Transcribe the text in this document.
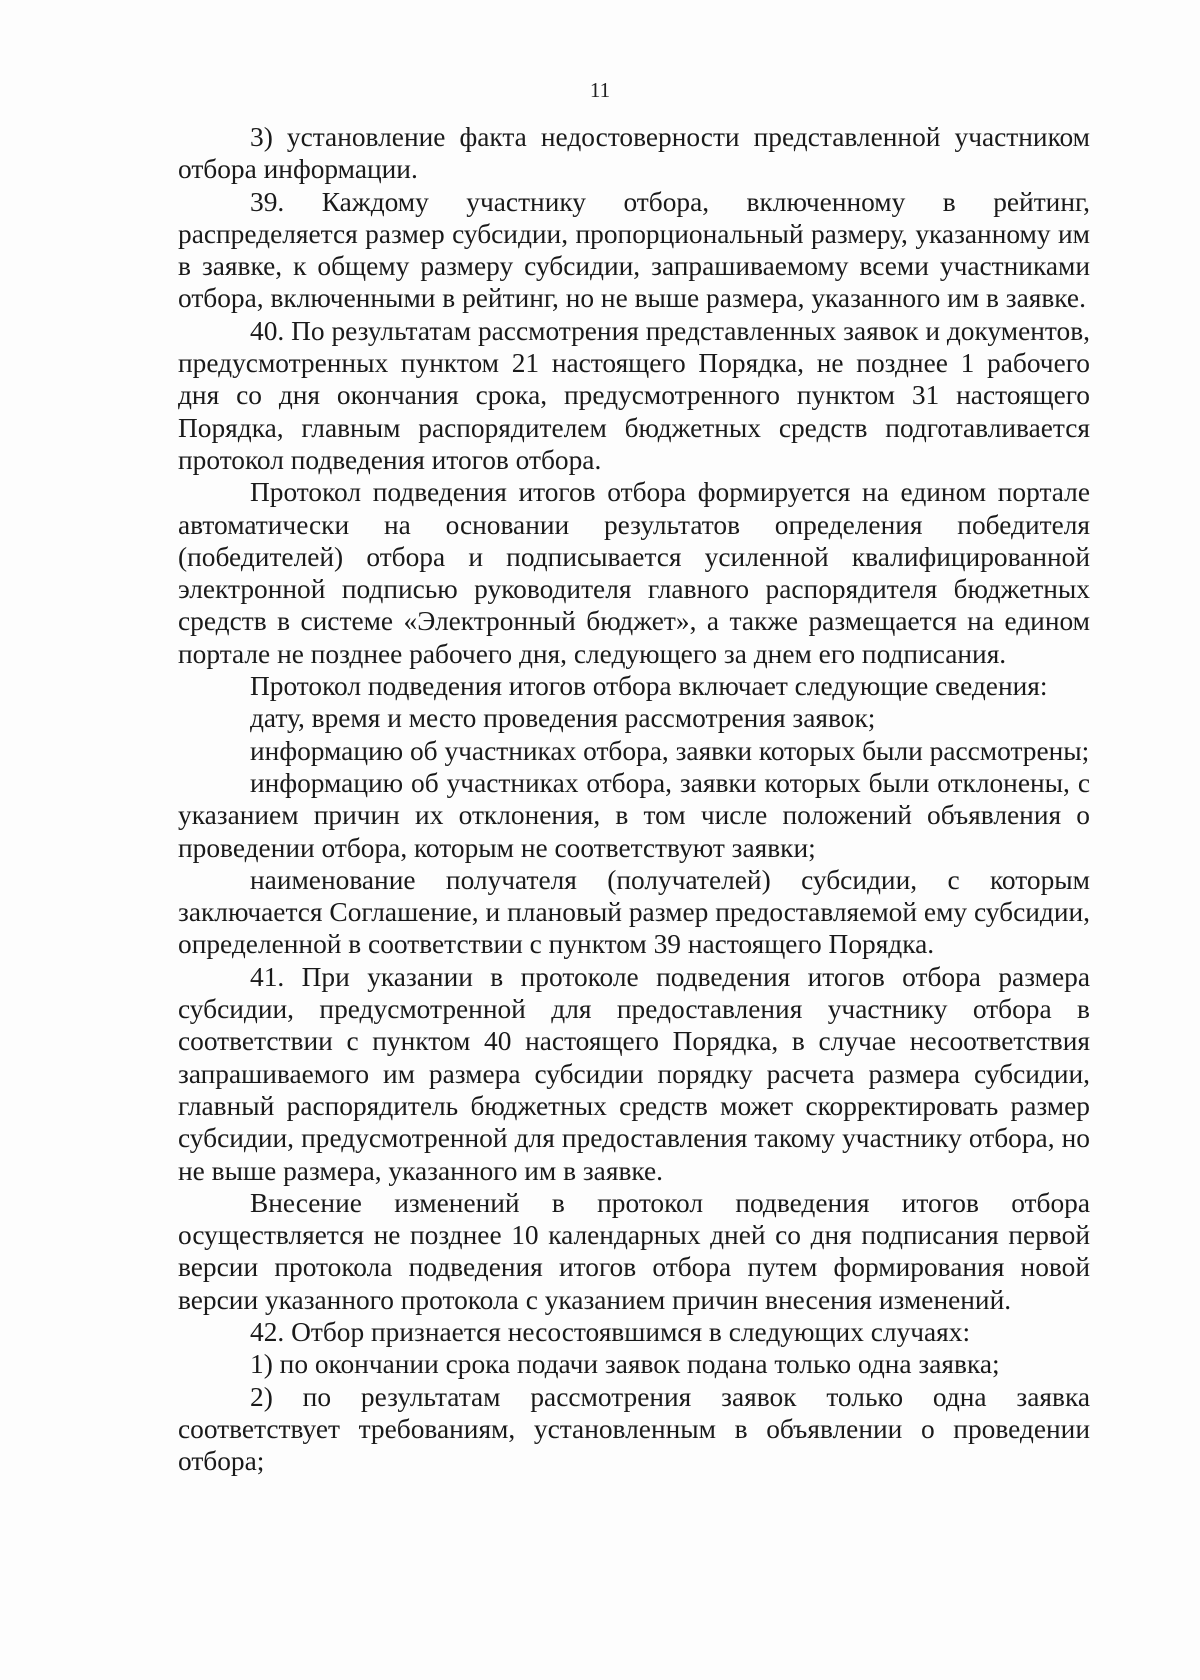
11

3) установление факта недостоверности представленной участником отбора информации.

39. Каждому участнику отбора, включенному в рейтинг, распределяется размер субсидии, пропорциональный размеру, указанному им в заявке, к общему размеру субсидии, запрашиваемому всеми участниками отбора, включенными в рейтинг, но не выше размера, указанного им в заявке.

40. По результатам рассмотрения представленных заявок и документов, предусмотренных пунктом 21 настоящего Порядка, не позднее 1 рабочего дня со дня окончания срока, предусмотренного пунктом 31 настоящего Порядка, главным распорядителем бюджетных средств подготавливается протокол подведения итогов отбора.

Протокол подведения итогов отбора формируется на едином портале автоматически на основании результатов определения победителя (победителей) отбора и подписывается усиленной квалифицированной электронной подписью руководителя главного распорядителя бюджетных средств в системе «Электронный бюджет», а также размещается на едином портале не позднее рабочего дня, следующего за днем его подписания.

Протокол подведения итогов отбора включает следующие сведения:

дату, время и место проведения рассмотрения заявок;

информацию об участниках отбора, заявки которых были рассмотрены;

информацию об участниках отбора, заявки которых были отклонены, с указанием причин их отклонения, в том числе положений объявления о проведении отбора, которым не соответствуют заявки;

наименование получателя (получателей) субсидии, с которым заключается Соглашение, и плановый размер предоставляемой ему субсидии, определенной в соответствии с пунктом 39 настоящего Порядка.

41. При указании в протоколе подведения итогов отбора размера субсидии, предусмотренной для предоставления участнику отбора в соответствии с пунктом 40 настоящего Порядка, в случае несоответствия запрашиваемого им размера субсидии порядку расчета размера субсидии, главный распорядитель бюджетных средств может скорректировать размер субсидии, предусмотренной для предоставления такому участнику отбора, но не выше размера, указанного им в заявке.

Внесение изменений в протокол подведения итогов отбора осуществляется не позднее 10 календарных дней со дня подписания первой версии протокола подведения итогов отбора путем формирования новой версии указанного протокола с указанием причин внесения изменений.

42. Отбор признается несостоявшимся в следующих случаях:

1) по окончании срока подачи заявок подана только одна заявка;

2) по результатам рассмотрения заявок только одна заявка соответствует требованиям, установленным в объявлении о проведении отбора;
